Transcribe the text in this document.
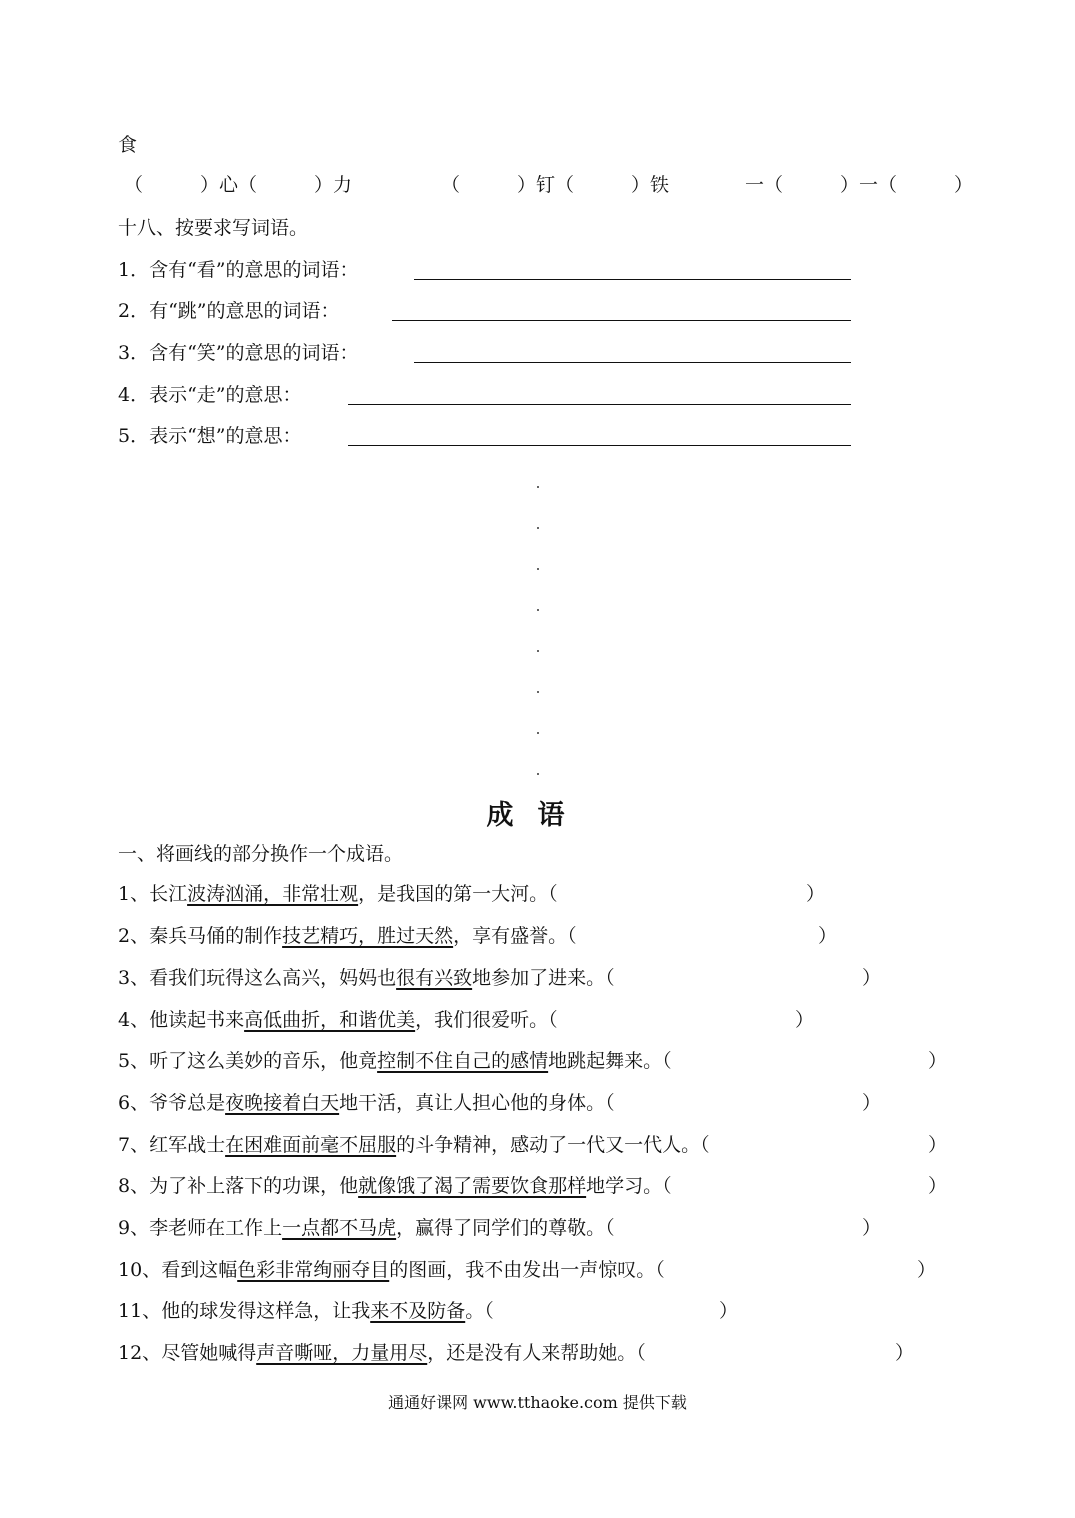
食
（　　　）心（　　　）力	（　　　）钉（　　　）铁	一（　　　）一（　　　）
十八、按要求写词语。
1．含有“看”的意思的词语：
2．有“跳”的意思的词语：
3．含有“笑”的意思的词语：
4．表示“走”的意思：
5．表示“想”的意思：
成语
一、将画线的部分换作一个成语。
1、长江波涛汹涌，非常壮观，是我国的第一大河。（	）
2、秦兵马俑的制作技艺精巧，胜过天然，享有盛誉。（	）
3、看我们玩得这么高兴，妈妈也很有兴致地参加了进来。（	）
4、他读起书来高低曲折，和谐优美，我们很爱听。（	）
5、听了这么美妙的音乐，他竟控制不住自己的感情地跳起舞来。（	）
6、爷爷总是夜晚接着白天地干活，真让人担心他的身体。（	）
7、红军战士在困难面前毫不屈服的斗争精神，感动了一代又一代人。（	）
8、为了补上落下的功课，他就像饿了渴了需要饮食那样地学习。（	）
9、李老师在工作上一点都不马虎，赢得了同学们的尊敬。（	）
10、看到这幅色彩非常绚丽夺目的图画，我不由发出一声惊叹。（	）
11、他的球发得这样急，让我来不及防备。（	）
12、尽管她喊得声音嘶哑，力量用尽，还是没有人来帮助她。（	）
通通好课网 www.tthaoke.com 提供下载
